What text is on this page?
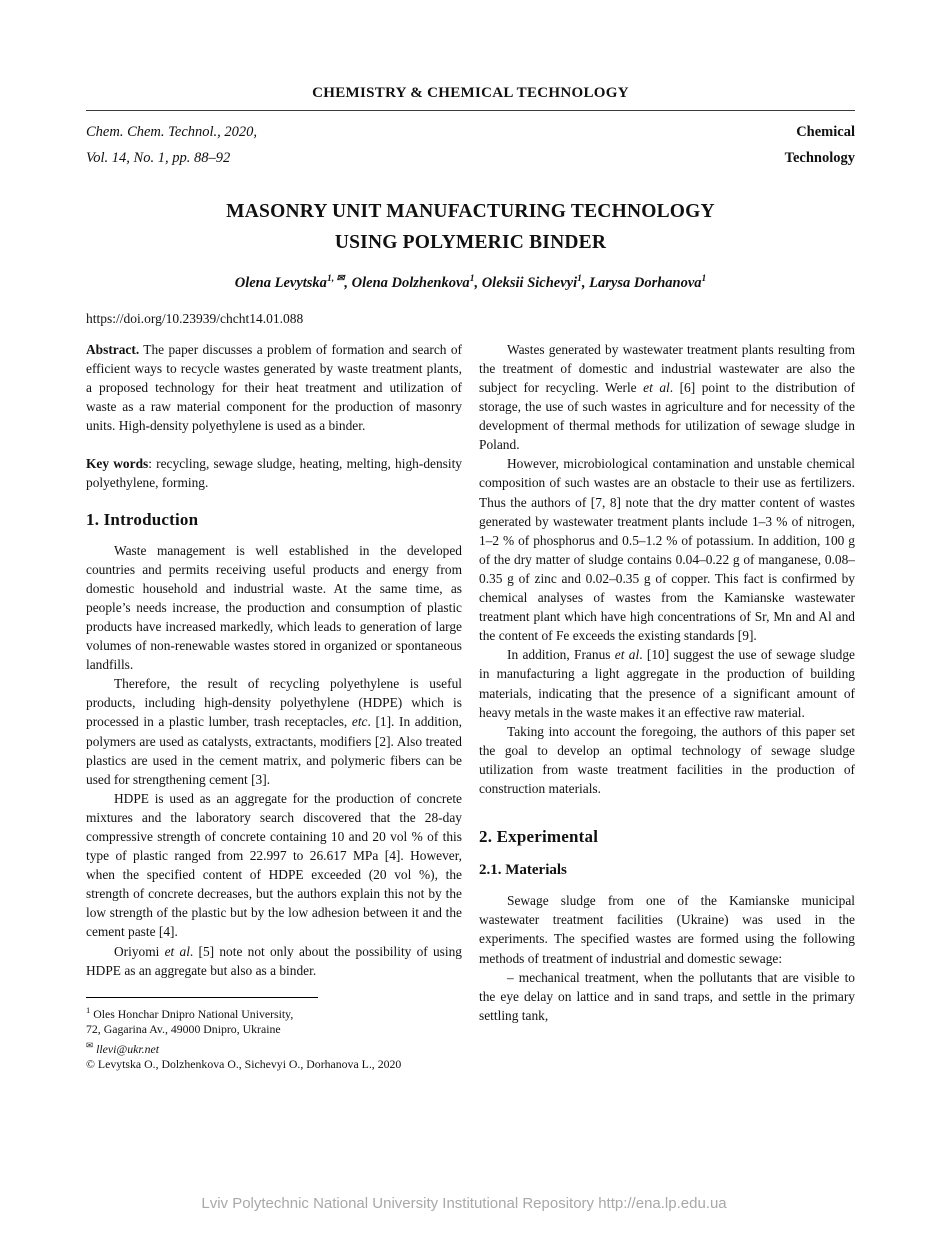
CHEMISTRY & CHEMICAL TECHNOLOGY
Chem. Chem. Technol., 2020,
Vol. 14, No. 1, pp. 88–92
Chemical
Technology
MASONRY UNIT MANUFACTURING TECHNOLOGY
USING POLYMERIC BINDER
Olena Levytska$^{1, ✉}$, Olena Dolzhenkova$^1$, Oleksii Sichevyi$^1$, Larysa Dorhanova$^1$
https://doi.org/10.23939/chcht14.01.088

Abstract. The paper discusses a problem of formation and search of efficient ways to recycle wastes generated by waste treatment plants, a proposed technology for their heat treatment and utilization of waste as a raw material component for the production of masonry units. High-density polyethylene is used as a binder.

Key words: recycling, sewage sludge, heating, melting, high-density polyethylene, forming.

1. Introduction

Waste management is well established in the developed countries and permits receiving useful products and energy from domestic household and industrial waste. At the same time, as people’s needs increase, the production and consumption of plastic products have increased markedly, which leads to generation of large volumes of non-renewable wastes stored in organized or spontaneous landfills.

Therefore, the result of recycling polyethylene is useful products, including high-density polyethylene (HDPE) which is processed in a plastic lumber, trash receptacles, etc. [1]. In addition, polymers are used as catalysts, extractants, modifiers [2]. Also treated plastics are used in the cement matrix, and polymeric fibers can be used for strengthening cement [3].

HDPE is used as an aggregate for the production of concrete mixtures and the laboratory search discovered that the 28-day compressive strength of concrete containing 10 and 20 vol % of this type of plastic ranged from 22.997 to 26.617 MPa [4]. However, when the specified content of HDPE exceeded (20 vol %), the strength of concrete decreases, but the authors explain this not by the low strength of the plastic but by the low adhesion between it and the cement paste [4].

Oriyomi et al. [5] note not only about the possibility of using HDPE as an aggregate but also as a binder.

$^1$ Oles Honchar Dnipro National University,
72, Gagarina Av., 49000 Dnipro, Ukraine
✉ llevi@ukr.net
© Levytska O., Dolzhenkova O., Sichevyi O., Dorhanova L., 2020

Wastes generated by wastewater treatment plants resulting from the treatment of domestic and industrial wastewater are also the subject for recycling. Werle et al. [6] point to the distribution of storage, the use of such wastes in agriculture and for necessity of the development of thermal methods for utilization of sewage sludge in Poland.

However, microbiological contamination and unstable chemical composition of such wastes are an obstacle to their use as fertilizers. Thus the authors of [7, 8] note that the dry matter content of wastes generated by wastewater treatment plants include 1–3 % of nitrogen, 1–2 % of phosphorus and 0.5–1.2 % of potassium. In addition, 100 g of the dry matter of sludge contains 0.04–0.22 g of manganese, 0.08–0.35 g of zinc and 0.02–0.35 g of copper. This fact is confirmed by chemical analyses of wastes from the Kamianske wastewater treatment plant which have high concentrations of Sr, Mn and Al and the content of Fe exceeds the existing standards [9].

In addition, Franus et al. [10] suggest the use of sewage sludge in manufacturing a light aggregate in the production of building materials, indicating that the presence of a significant amount of heavy metals in the waste makes it an effective raw material.

Taking into account the foregoing, the authors of this paper set the goal to develop an optimal technology of sewage sludge utilization from waste treatment facilities in the production of construction materials.

2. Experimental
2.1. Materials

Sewage sludge from one of the Kamianske municipal wastewater treatment facilities (Ukraine) was used in the experiments. The specified wastes are formed using the following methods of treatment of industrial and domestic sewage:

– mechanical treatment, when the pollutants that are visible to the eye delay on lattice and in sand traps, and settle in the primary settling tank,

Lviv Polytechnic National University Institutional Repository http://ena.lp.edu.ua
